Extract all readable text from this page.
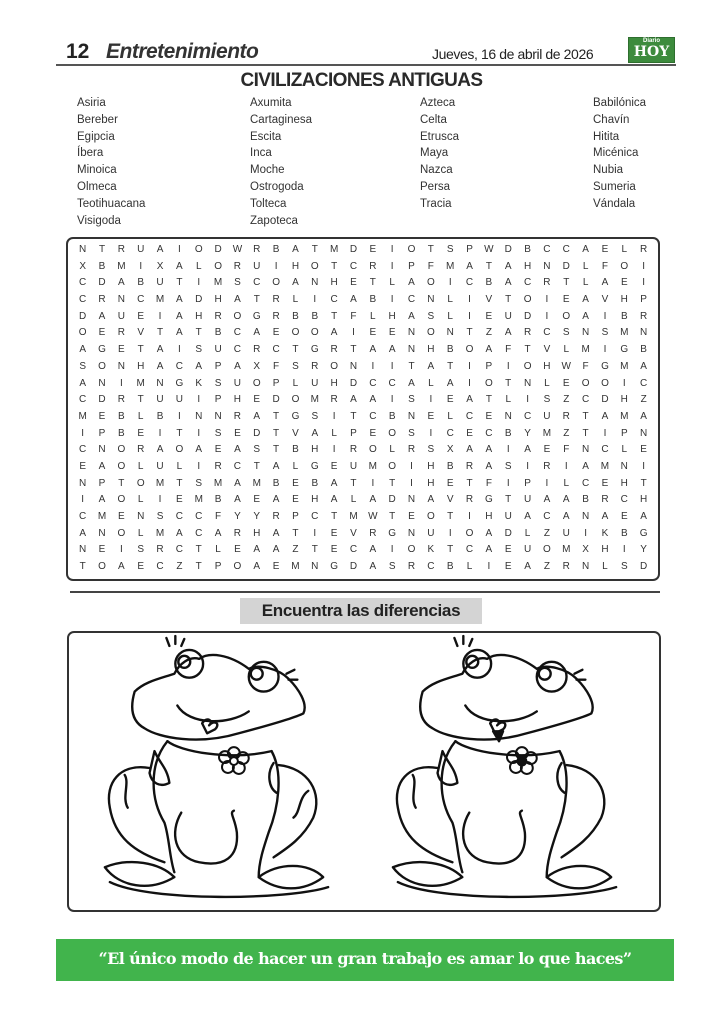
12 Entretenimiento	Jueves, 16 de abril de 2026
Diario
HOY
CIVILIZACIONES ANTIGUAS
Asiria
Bereber
Egipcia
Íbera
Minoica
Olmeca
Teotihuacana
Visigoda
Axumita
Cartaginesa
Escita
Inca
Moche
Ostrogoda
Tolteca
Zapoteca
Azteca
Celta
Etrusca
Maya
Nazca
Persa
Tracia
Babilónica
Chavín
Hitita
Micénica
Nubia
Sumeria
Vándala
N	T	R	U	A	I	O	D	W	R	B	A	T	M	D	E	I	O	T	S	P	W	D	B	C	C	A	E	L	R
X	B	M	I	X	A	L	O	R	U	I	H	O	T	C	R	I	P	F	M	A	T	A	H	N	D	L	F	O	I
C	D	A	B	U	T	I	M	S	C	O	A	N	H	E	T	L	A	O	I	C	B	A	C	R	T	L	A	E	I
C	R	N	C	M	A	D	H	A	T	R	L	I	C	A	B	I	C	N	L	I	V	T	O	I	E	A	V	H	P
D	A	U	E	I	A	H	R	O	G	R	B	B	T	F	L	H	A	S	L	I	E	U	D	I	O	A	I	B	R
O	E	R	V	T	A	T	B	C	A	E	O	O	A	I	E	E	N	O	N	T	Z	A	R	C	S	N	S	M	N
A	G	E	T	A	I	S	U	C	R	C	T	G	R	T	A	A	N	H	B	O	A	F	T	V	L	M	I	G	B
S	O	N	H	A	C	A	P	A	X	F	S	R	O	N	I	I	T	A	T	I	P	I	O	H	W	F	G	M	A
A	N	I	M	N	G	K	S	U	O	P	L	U	H	D	C	C	A	L	A	I	O	T	N	L	E	O	O	I	C
C	D	R	T	U	U	I	P	H	E	D	O	M	R	A	A	I	S	I	E	A	T	L	I	S	Z	C	D	H	Z
M	E	B	L	B	I	N	N	R	A	T	G	S	I	T	C	B	N	E	L	C	E	N	C	U	R	T	A	M	A
I	P	B	E	I	T	I	S	E	D	T	V	A	L	P	E	O	S	I	C	E	C	B	Y	M	Z	T	I	P	N
C	N	O	R	A	O	A	E	A	S	T	B	H	I	R	O	L	R	S	X	A	A	I	A	E	F	N	C	L	E
E	A	O	L	U	L	I	R	C	T	A	L	G	E	U	M	O	I	H	B	R	A	S	I	R	I	A	M	N	I
N	P	T	O	M	T	S	M	A	M	B	E	B	A	T	I	T	I	H	E	T	F	I	P	I	L	C	E	H	T
I	A	O	L	I	E	M	B	A	E	A	E	H	A	L	A	D	N	A	V	R	G	T	U	A	A	B	R	C	H
C	M	E	N	S	C	C	F	Y	Y	R	P	C	T	M	W	T	E	O	T	I	H	U	A	C	A	N	A	E	A
A	N	O	L	M	A	C	A	R	H	A	T	I	E	V	R	G	N	U	I	O	A	D	L	Z	U	I	K	B	G
N	E	I	S	R	C	T	L	E	A	A	Z	T	E	C	A	I	O	K	T	C	A	E	U	O	M	X	H	I	Y
T	O	A	E	C	Z	T	P	O	A	E	M	N	G	D	A	S	R	C	B	L	I	E	A	Z	R	N	L	S	D
Encuentra las diferencias
“El único modo de hacer un gran trabajo es amar lo que haces”
